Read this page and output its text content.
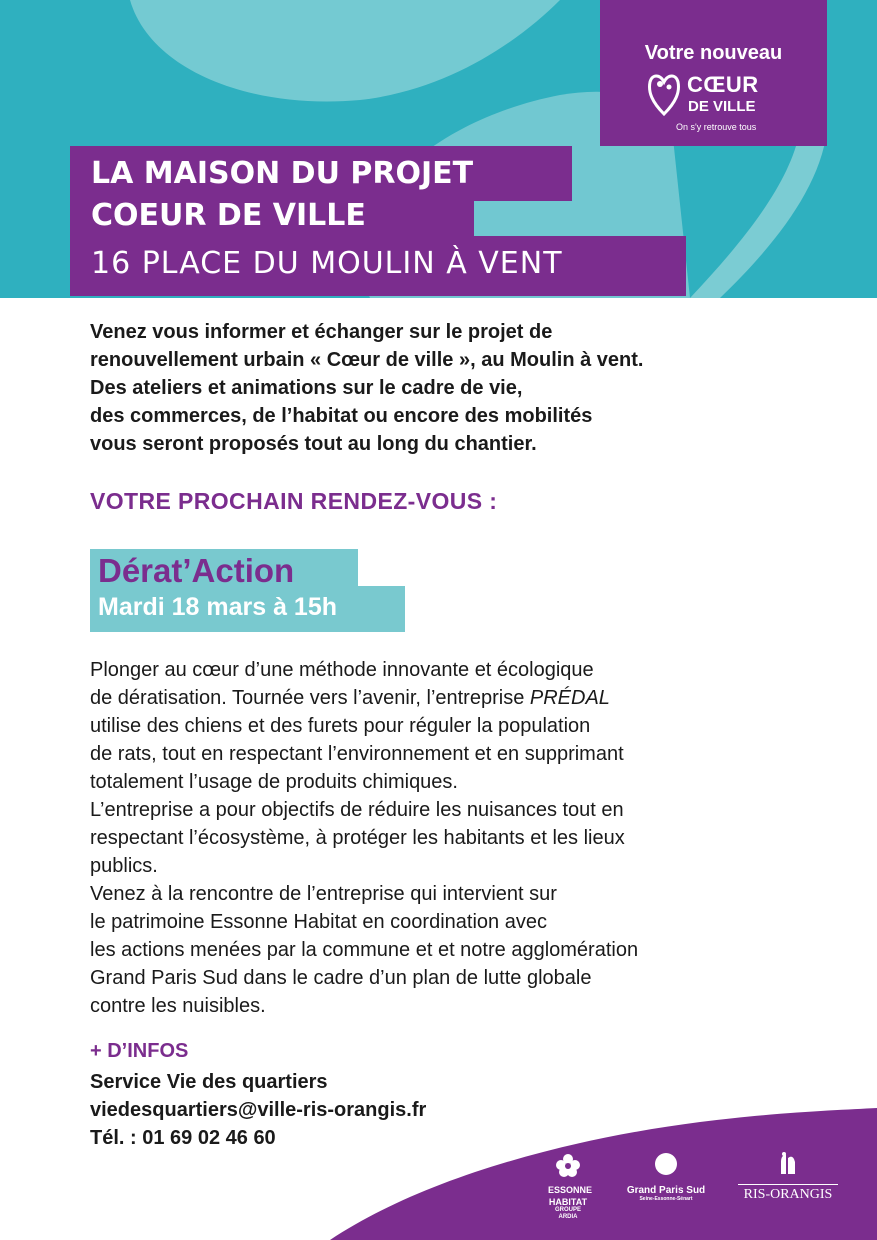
Votre nouveau
CŒUR
DE VILLE
On s'y retrouve tous
LA MAISON DU PROJET
COEUR DE VILLE
16 PLACE DU MOULIN À VENT

Venez vous informer et échanger sur le projet de

renouvellement urbain « Cœur de ville », au Moulin à vent.

Des ateliers et animations sur le cadre de vie,

des commerces, de l’habitat ou encore des mobilités

vous seront proposés tout au long du chantier.

VOTRE PROCHAIN RENDEZ-VOUS :
Dérat’Action
Mardi 18 mars à 15h

Plonger au cœur d’une méthode innovante et écologique

de dératisation. Tournée vers l’avenir, l’entreprise PRÉDAL

utilise des chiens et des furets pour réguler la population

de rats, tout en respectant l’environnement et en supprimant

totalement l’usage de produits chimiques.

L’entreprise a pour objectifs de réduire les nuisances tout en

respectant l’écosystème, à protéger les habitants et les lieux

publics.

Venez à la rencontre de l’entreprise qui intervient sur

le patrimoine Essonne Habitat en coordination avec

les actions menées par la commune et et notre agglomération

Grand Paris Sud dans le cadre d’un plan de lutte globale

contre les nuisibles.

+ D’INFOS
Service Vie des quartiers
viedesquartiers@ville-ris-orangis.fr
Tél. : 01 69 02 46 60
ESSONNE
HABITAT
GROUPE ARDIA
Grand Paris Sud
Seine-Essonne-Sénart	RIS-ORANGIS
